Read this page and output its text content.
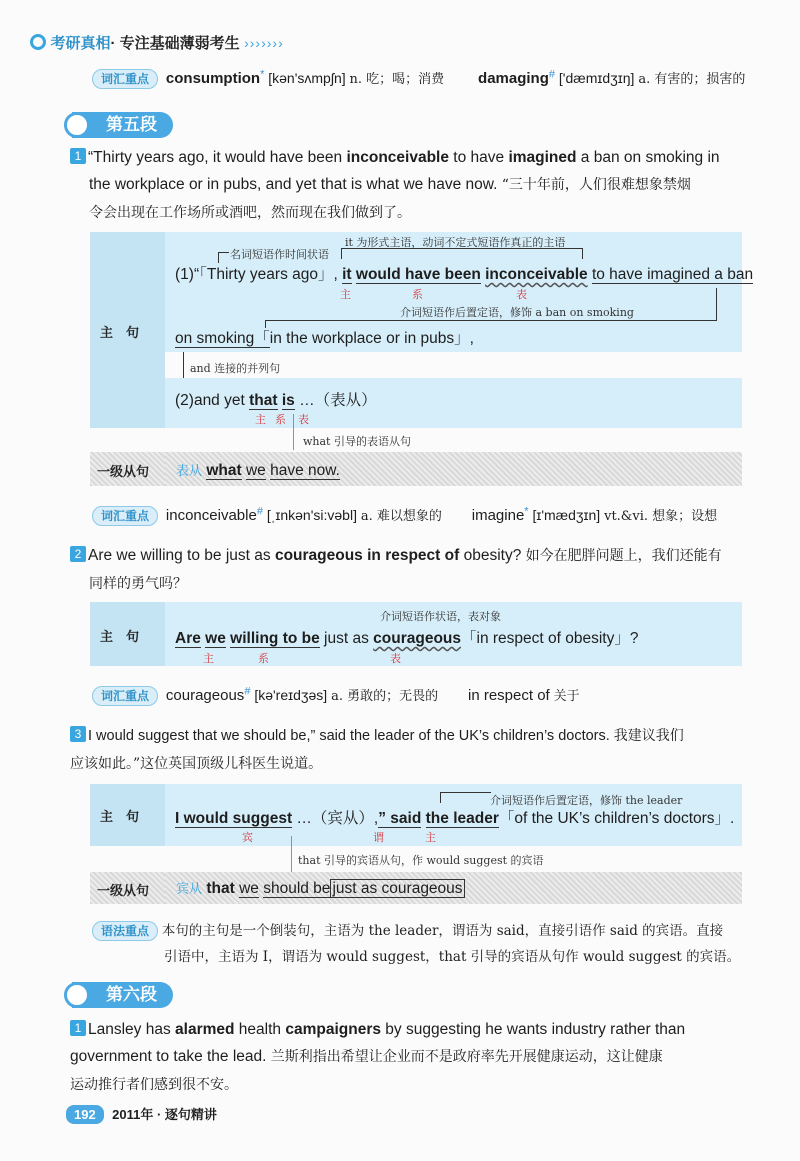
考研真相· 专注基础薄弱考生 ›››››››
词汇重点 consumption* [kən'sʌmpʃn] n. 吃；喝；消费 damaging# ['dæmɪdʒɪŋ] a. 有害的；损害的
第五段
1 “Thirty years ago, it would have been inconceivable to have imagined a ban on smoking in
the workplace or in pubs, and yet that is what we have now. “三十年前，人们很难想象禁烟
令会出现在工作场所或酒吧，然而现在我们做到了。
主　句
it 为形式主语，动词不定式短语作真正的主语
名词短语作时间状语
(1)“「Thirty years ago」, it would have been inconceivable to have imagined a ban
主	系	表
介词短语作后置定语，修饰 a ban on smoking
on smoking「in the workplace or in pubs」,
and 连接的并列句
(2)and yet that is …（表从）
主 系 表
what 引导的表语从句
一级从句 表从 what we have now.
词汇重点 inconceivable# [ˌɪnkən'si:vəbl] a. 难以想象的 imagine* [ɪ'mædʒɪn] vt.&vi. 想象；设想
2 Are we willing to be just as courageous in respect of obesity? 如今在肥胖问题上，我们还能有
同样的勇气吗？
主　句
介词短语作状语，表对象
Are we willing to be just as courageous「in respect of obesity」?
主	系	表
词汇重点 courageous# [kə'reɪdʒəs] a. 勇敢的；无畏的 in respect of 关于
3 I would suggest that we should be,” said the leader of the UK’s children’s doctors. 我建议我们
应该如此。”这位英国顶级儿科医生说道。
主　句
介词短语作后置定语，修饰 the leader
I would suggest …（宾从）,” said the leader「of the UK’s children’s doctors」.
宾	谓	主
that 引导的宾语从句，作 would suggest 的宾语
一级从句 宾从 that we should be just as courageous
语法重点 本句的主句是一个倒装句，主语为 the leader，谓语为 said，直接引语作 said 的宾语。直接
引语中，主语为 I，谓语为 would suggest，that 引导的宾语从句作 would suggest 的宾语。
第六段
1 Lansley has alarmed health campaigners by suggesting he wants industry rather than
government to take the lead. 兰斯利指出希望让企业而不是政府率先开展健康运动，这让健康
运动推行者们感到很不安。
192 2011年 · 逐句精讲
